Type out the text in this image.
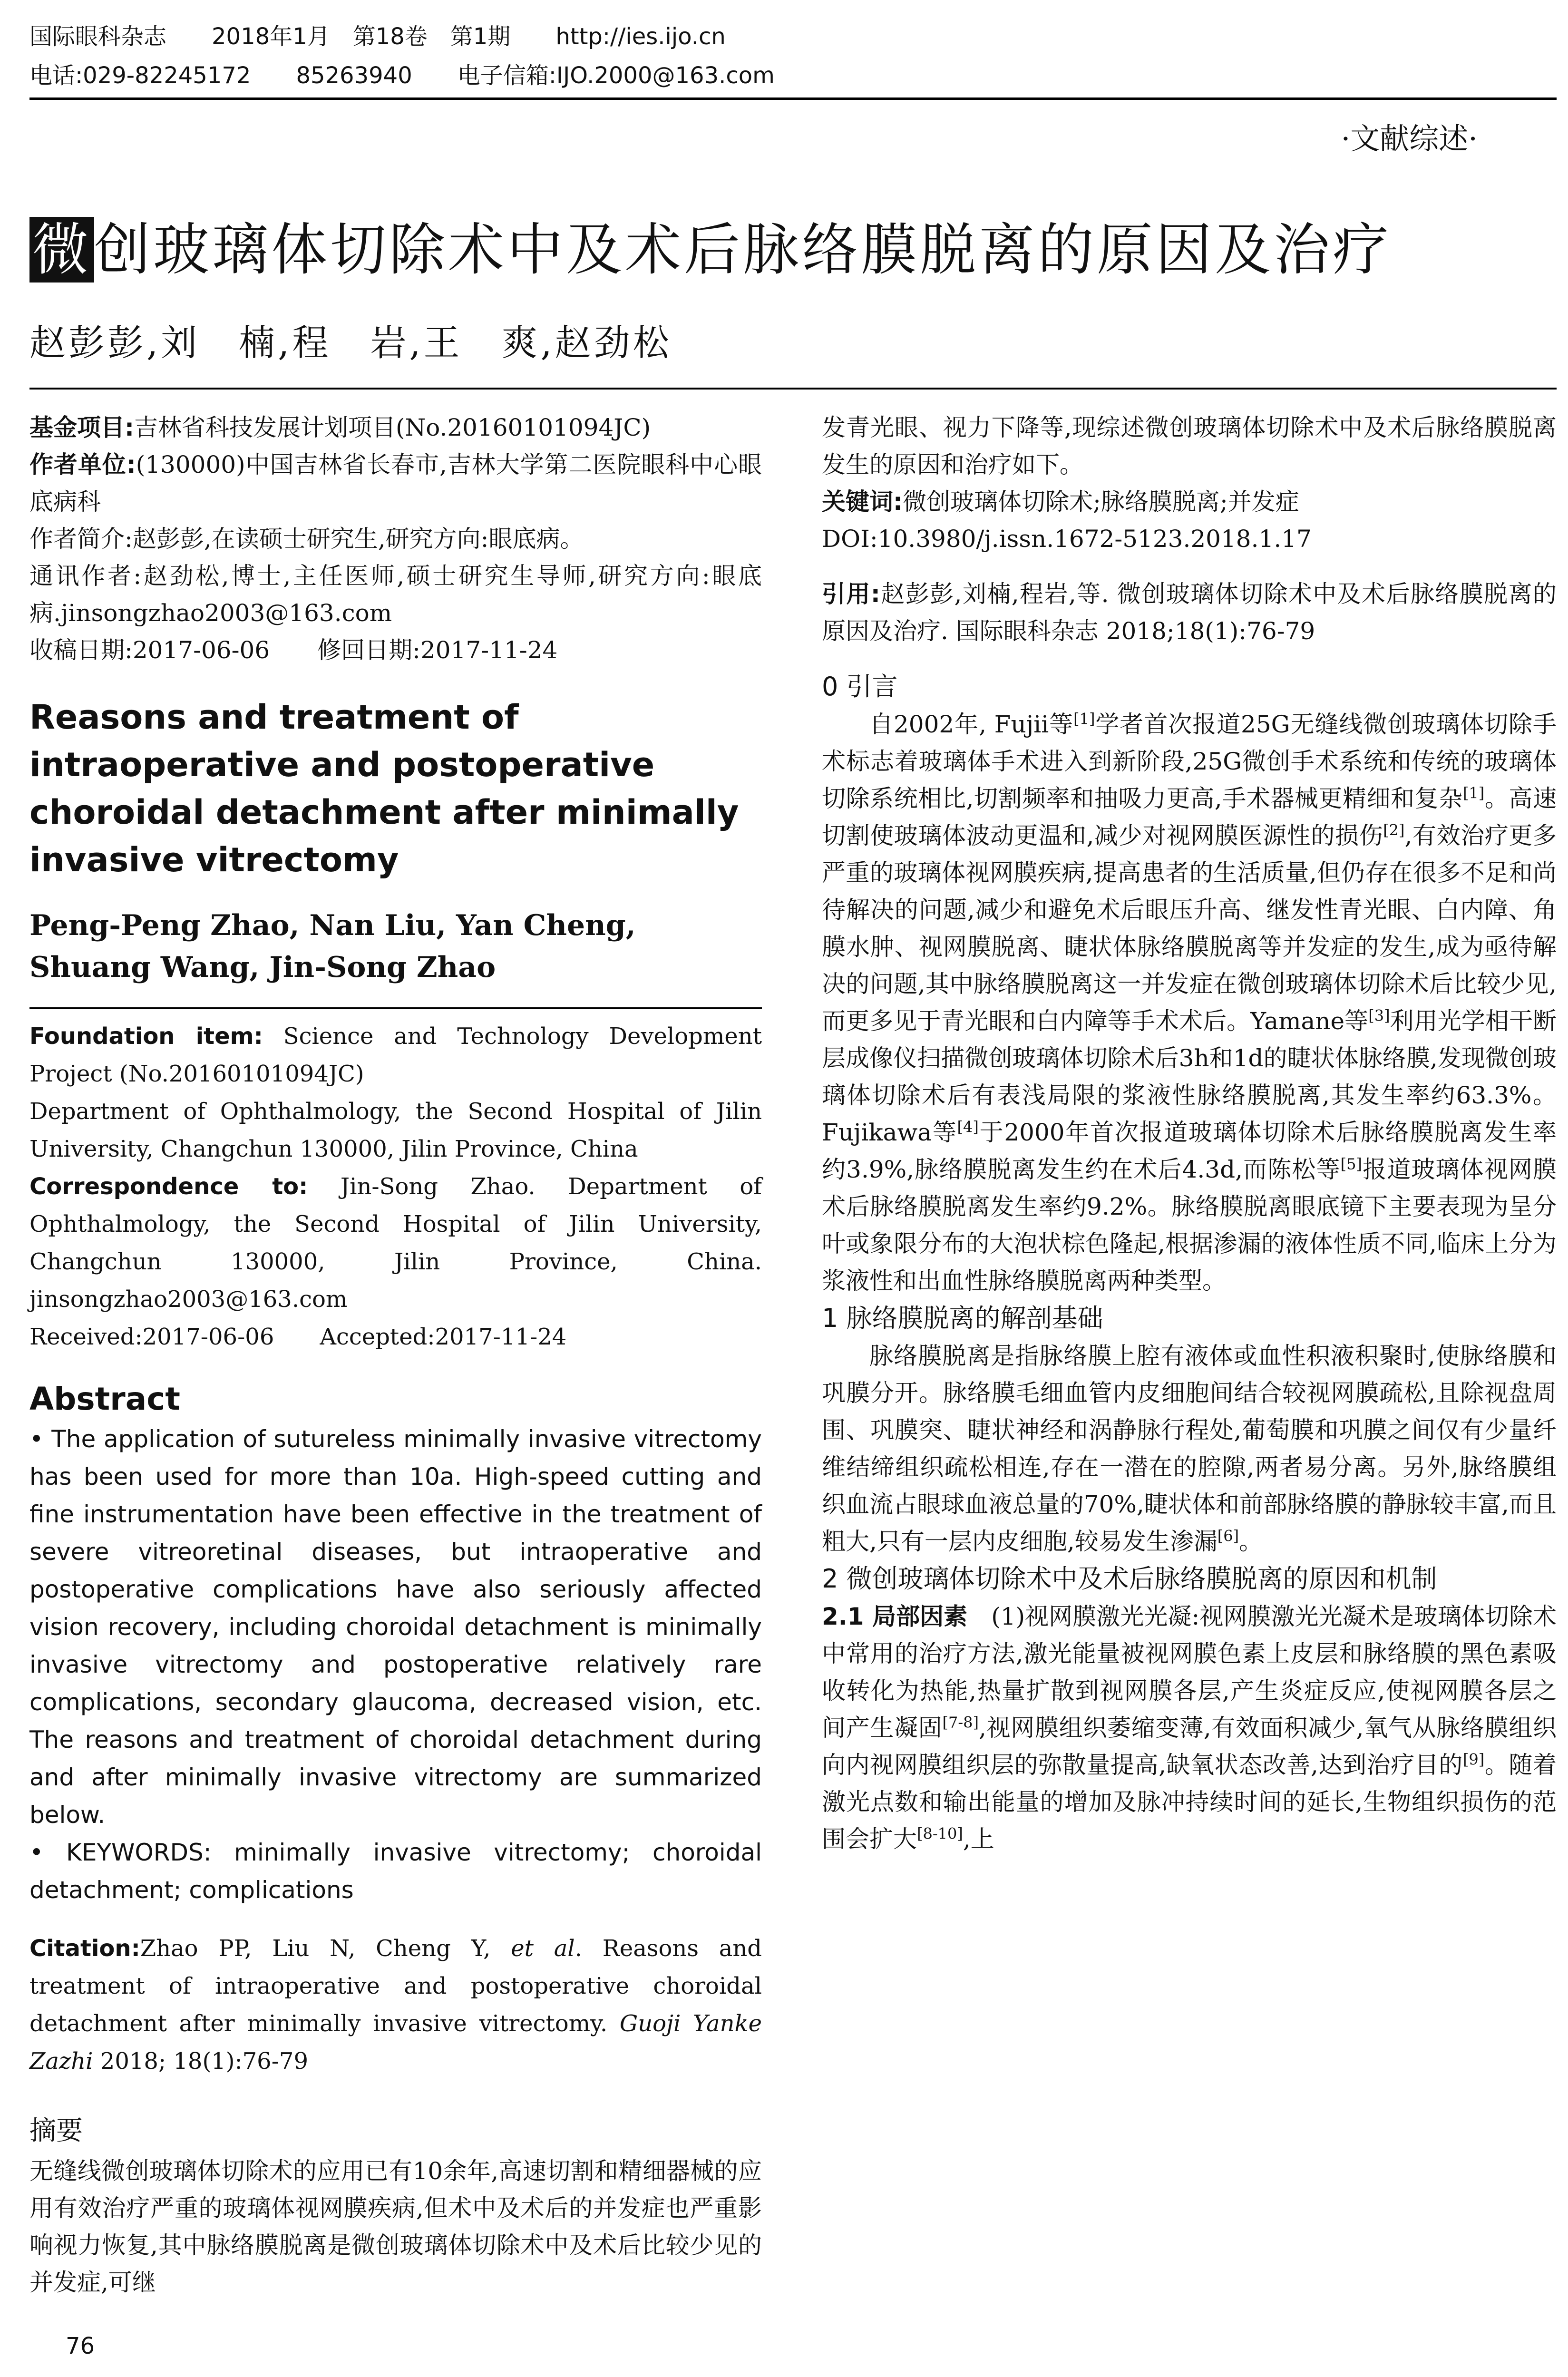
国际眼科杂志 2018年1月　第18卷　第1期 http://ies.ijo.cn
电话:029-82245172 85263940 电子信箱:IJO.2000@163.com
·文献综述·
微创玻璃体切除术中及术后脉络膜脱离的原因及治疗
赵彭彭,刘　楠,程　岩,王　爽,赵劲松

基金项目:吉林省科技发展计划项目(No.20160101094JC)

作者单位:(130000)中国吉林省长春市,吉林大学第二医院眼科中心眼底病科

作者简介:赵彭彭,在读硕士研究生,研究方向:眼底病。

通讯作者:赵劲松,博士,主任医师,硕士研究生导师,研究方向:眼底病.jinsongzhao2003@163.com

收稿日期:2017-06-06　　修回日期:2017-11-24

Reasons and treatment of intraoperative and postoperative choroidal detachment after minimally invasive vitrectomy

Peng-Peng Zhao, Nan Liu, Yan Cheng, Shuang Wang, Jin-Song Zhao

Foundation item: Science and Technology Development Project (No.20160101094JC)

Department of Ophthalmology, the Second Hospital of Jilin University, Changchun 130000, Jilin Province, China

Correspondence to: Jin-Song Zhao. Department of Ophthalmology, the Second Hospital of Jilin University, Changchun 130000, Jilin Province, China. jinsongzhao2003@163.com

Received:2017-06-06　　Accepted:2017-11-24

Abstract

• The application of sutureless minimally invasive vitrectomy has been used for more than 10a. High-speed cutting and fine instrumentation have been effective in the treatment of severe vitreoretinal diseases, but intraoperative and postoperative complications have also seriously affected vision recovery, including choroidal detachment is minimally invasive vitrectomy and postoperative relatively rare complications, secondary glaucoma, decreased vision, etc. The reasons and treatment of choroidal detachment during and after minimally invasive vitrectomy are summarized below.

• KEYWORDS: minimally invasive vitrectomy; choroidal detachment; complications

Citation:Zhao PP, Liu N, Cheng Y, et al. Reasons and treatment of intraoperative and postoperative choroidal detachment after minimally invasive vitrectomy. Guoji Yanke Zazhi 2018; 18(1):76-79

摘要

无缝线微创玻璃体切除术的应用已有10余年,高速切割和精细器械的应用有效治疗严重的玻璃体视网膜疾病,但术中及术后的并发症也严重影响视力恢复,其中脉络膜脱离是微创玻璃体切除术中及术后比较少见的并发症,可继

发青光眼、视力下降等,现综述微创玻璃体切除术中及术后脉络膜脱离发生的原因和治疗如下。

关键词:微创玻璃体切除术;脉络膜脱离;并发症

DOI:10.3980/j.issn.1672-5123.2018.1.17

引用:赵彭彭,刘楠,程岩,等. 微创玻璃体切除术中及术后脉络膜脱离的原因及治疗. 国际眼科杂志 2018;18(1):76-79

0 引言

自2002年, Fujii等[1]学者首次报道25G无缝线微创玻璃体切除手术标志着玻璃体手术进入到新阶段,25G微创手术系统和传统的玻璃体切除系统相比,切割频率和抽吸力更高,手术器械更精细和复杂[1]。高速切割使玻璃体波动更温和,减少对视网膜医源性的损伤[2],有效治疗更多严重的玻璃体视网膜疾病,提高患者的生活质量,但仍存在很多不足和尚待解决的问题,减少和避免术后眼压升高、继发性青光眼、白内障、角膜水肿、视网膜脱离、睫状体脉络膜脱离等并发症的发生,成为亟待解决的问题,其中脉络膜脱离这一并发症在微创玻璃体切除术后比较少见,而更多见于青光眼和白内障等手术术后。Yamane等[3]利用光学相干断层成像仪扫描微创玻璃体切除术后3h和1d的睫状体脉络膜,发现微创玻璃体切除术后有表浅局限的浆液性脉络膜脱离,其发生率约63.3%。Fujikawa等[4]于2000年首次报道玻璃体切除术后脉络膜脱离发生率约3.9%,脉络膜脱离发生约在术后4.3d,而陈松等[5]报道玻璃体视网膜术后脉络膜脱离发生率约9.2%。脉络膜脱离眼底镜下主要表现为呈分叶或象限分布的大泡状棕色隆起,根据渗漏的液体性质不同,临床上分为浆液性和出血性脉络膜脱离两种类型。

1 脉络膜脱离的解剖基础

脉络膜脱离是指脉络膜上腔有液体或血性积液积聚时,使脉络膜和巩膜分开。脉络膜毛细血管内皮细胞间结合较视网膜疏松,且除视盘周围、巩膜突、睫状神经和涡静脉行程处,葡萄膜和巩膜之间仅有少量纤维结缔组织疏松相连,存在一潜在的腔隙,两者易分离。另外,脉络膜组织血流占眼球血液总量的70%,睫状体和前部脉络膜的静脉较丰富,而且粗大,只有一层内皮细胞,较易发生渗漏[6]。

2 微创玻璃体切除术中及术后脉络膜脱离的原因和机制

2.1 局部因素　(1)视网膜激光光凝:视网膜激光光凝术是玻璃体切除术中常用的治疗方法,激光能量被视网膜色素上皮层和脉络膜的黑色素吸收转化为热能,热量扩散到视网膜各层,产生炎症反应,使视网膜各层之间产生凝固[7-8],视网膜组织萎缩变薄,有效面积减少,氧气从脉络膜组织向内视网膜组织层的弥散量提高,缺氧状态改善,达到治疗目的[9]。随着激光点数和输出能量的增加及脉冲持续时间的延长,生物组织损伤的范围会扩大[8-10],上

76
